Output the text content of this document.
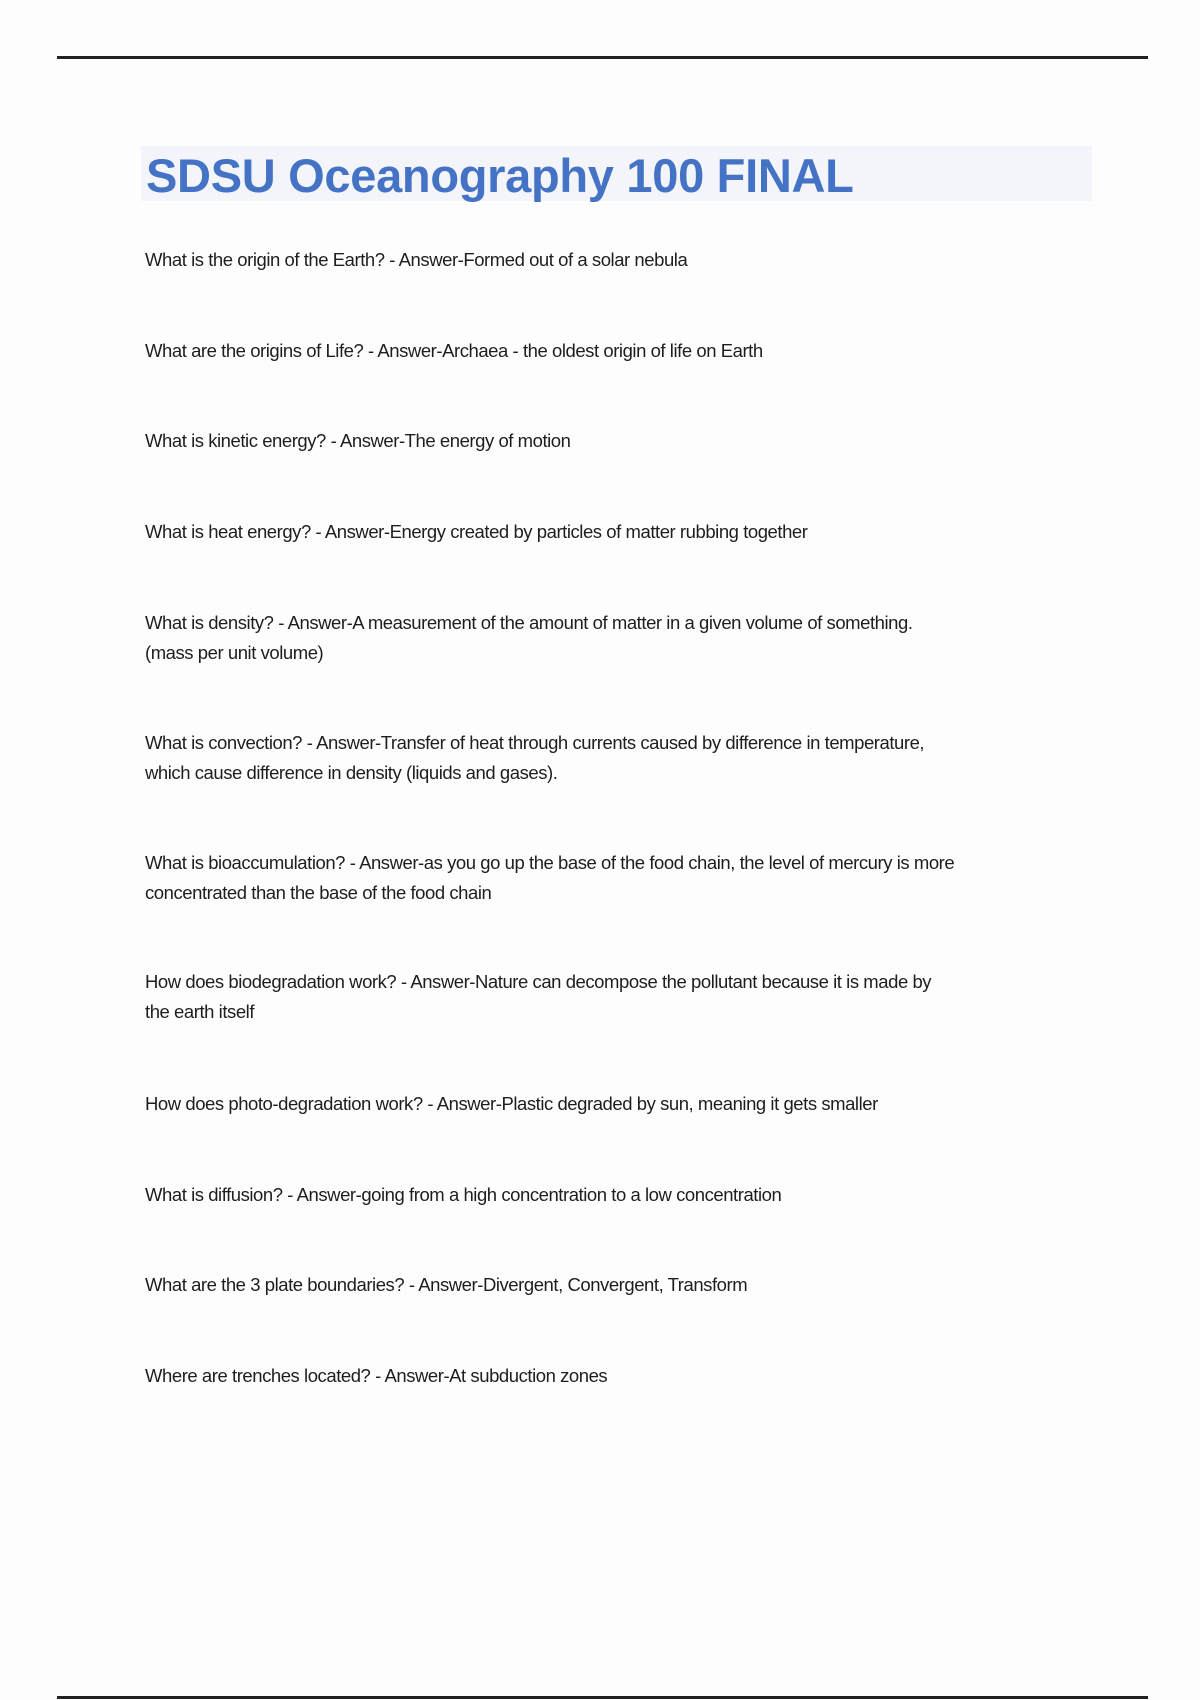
SDSU Oceanography 100 FINAL
What is the origin of the Earth? - Answer-Formed out of a solar nebula
What are the origins of Life? - Answer-Archaea - the oldest origin of life on Earth
What is kinetic energy? - Answer-The energy of motion
What is heat energy? - Answer-Energy created by particles of matter rubbing together
What is density? - Answer-A measurement of the amount of matter in a given volume of something.
(mass per unit volume)
What is convection? - Answer-Transfer of heat through currents caused by difference in temperature,
which cause difference in density (liquids and gases).
What is bioaccumulation? - Answer-as you go up the base of the food chain, the level of mercury is more
concentrated than the base of the food chain
How does biodegradation work? - Answer-Nature can decompose the pollutant because it is made by
the earth itself
How does photo-degradation work? - Answer-Plastic degraded by sun, meaning it gets smaller
What is diffusion? - Answer-going from a high concentration to a low concentration
What are the 3 plate boundaries? - Answer-Divergent, Convergent, Transform
Where are trenches located? - Answer-At subduction zones
